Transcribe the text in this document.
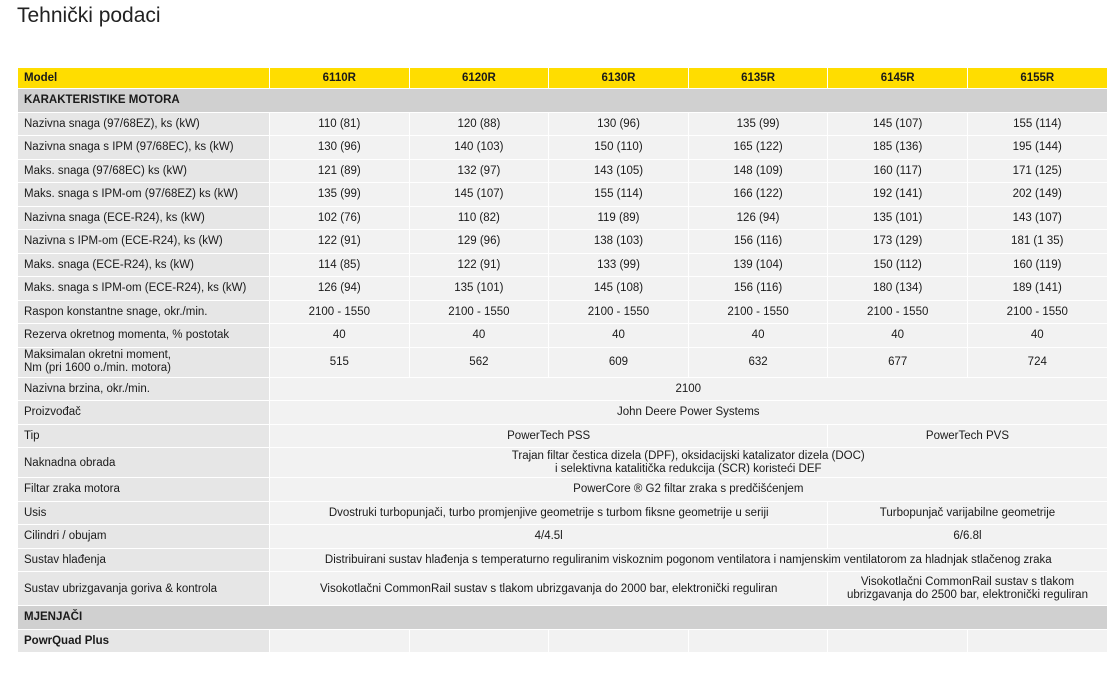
Tehnički podaci
Model	6110R	6120R	6130R	6135R	6145R	6155R
KARAKTERISTIKE MOTORA						
Nazivna snaga (97/68EZ), ks (kW)	110 (81)	120 (88)	130 (96)	135 (99)	145 (107)	155 (114)
Nazivna snaga s IPM (97/68EC), ks (kW)	130 (96)	140 (103)	150 (110)	165 (122)	185 (136)	195 (144)
Maks. snaga (97/68EC) ks (kW)	121 (89)	132 (97)	143 (105)	148 (109)	160 (117)	171 (125)
Maks. snaga s IPM-om (97/68EZ) ks (kW)	135 (99)	145 (107)	155 (114)	166 (122)	192 (141)	202 (149)
Nazivna snaga (ECE-R24), ks (kW)	102 (76)	110 (82)	119 (89)	126 (94)	135 (101)	143 (107)
Nazivna s IPM-om (ECE-R24), ks (kW)	122 (91)	129 (96)	138 (103)	156 (116)	173 (129)	181 (1 35)
Maks. snaga (ECE-R24), ks (kW)	114 (85)	122 (91)	133 (99)	139 (104)	150 (112)	160 (119)
Maks. snaga s IPM-om (ECE-R24), ks (kW)	126 (94)	135 (101)	145 (108)	156 (116)	180 (134)	189 (141)
Raspon konstantne snage, okr./min.	2100 - 1550	2100 - 1550	2100 - 1550	2100 - 1550	2100 - 1550	2100 - 1550
Rezerva okretnog momenta, % postotak	40	40	40	40	40	40

Maksimalan okretni moment,
Nm (pri 1600 o./min. motora)	515	562	609	632	677	724
Nazivna brzina, okr./min.	2100					
Proizvođač	John Deere Power Systems					
Tip	PowerTech PSS				PowerTech PVS	
Naknadna obrada	Trajan filtar čestica dizela (DPF), oksidacijski katalizator dizela (DOC)
i selektivna katalitička redukcija (SCR) koristeći DEF					

Filtar zraka motora	PowerCore ® G2 filtar zraka s predčišćenjem					
Usis	Dvostruki turbopunjači, turbo promjenjive geometrije s turbom fiksne geometrije u seriji				Turbopunjač varijabilne geometrije	
Cilindri / obujam	4/4.5l				6/6.8l	
Sustav hlađenja	Distribuirani sustav hlađenja s temperaturno reguliranim viskoznim pogonom ventilatora i namjenskim ventilatorom za hladnjak stlačenog zraka					
Sustav ubrizgavanja goriva & kontrola	Visokotlačni CommonRail sustav s tlakom ubrizgavanja do 2000 bar, elektronički reguliran				Visokotlačni CommonRail sustav s tlakom
ubrizgavanja do 2500 bar, elektronički reguliran	

MJENJAČI						
PowrQuad Plus						
